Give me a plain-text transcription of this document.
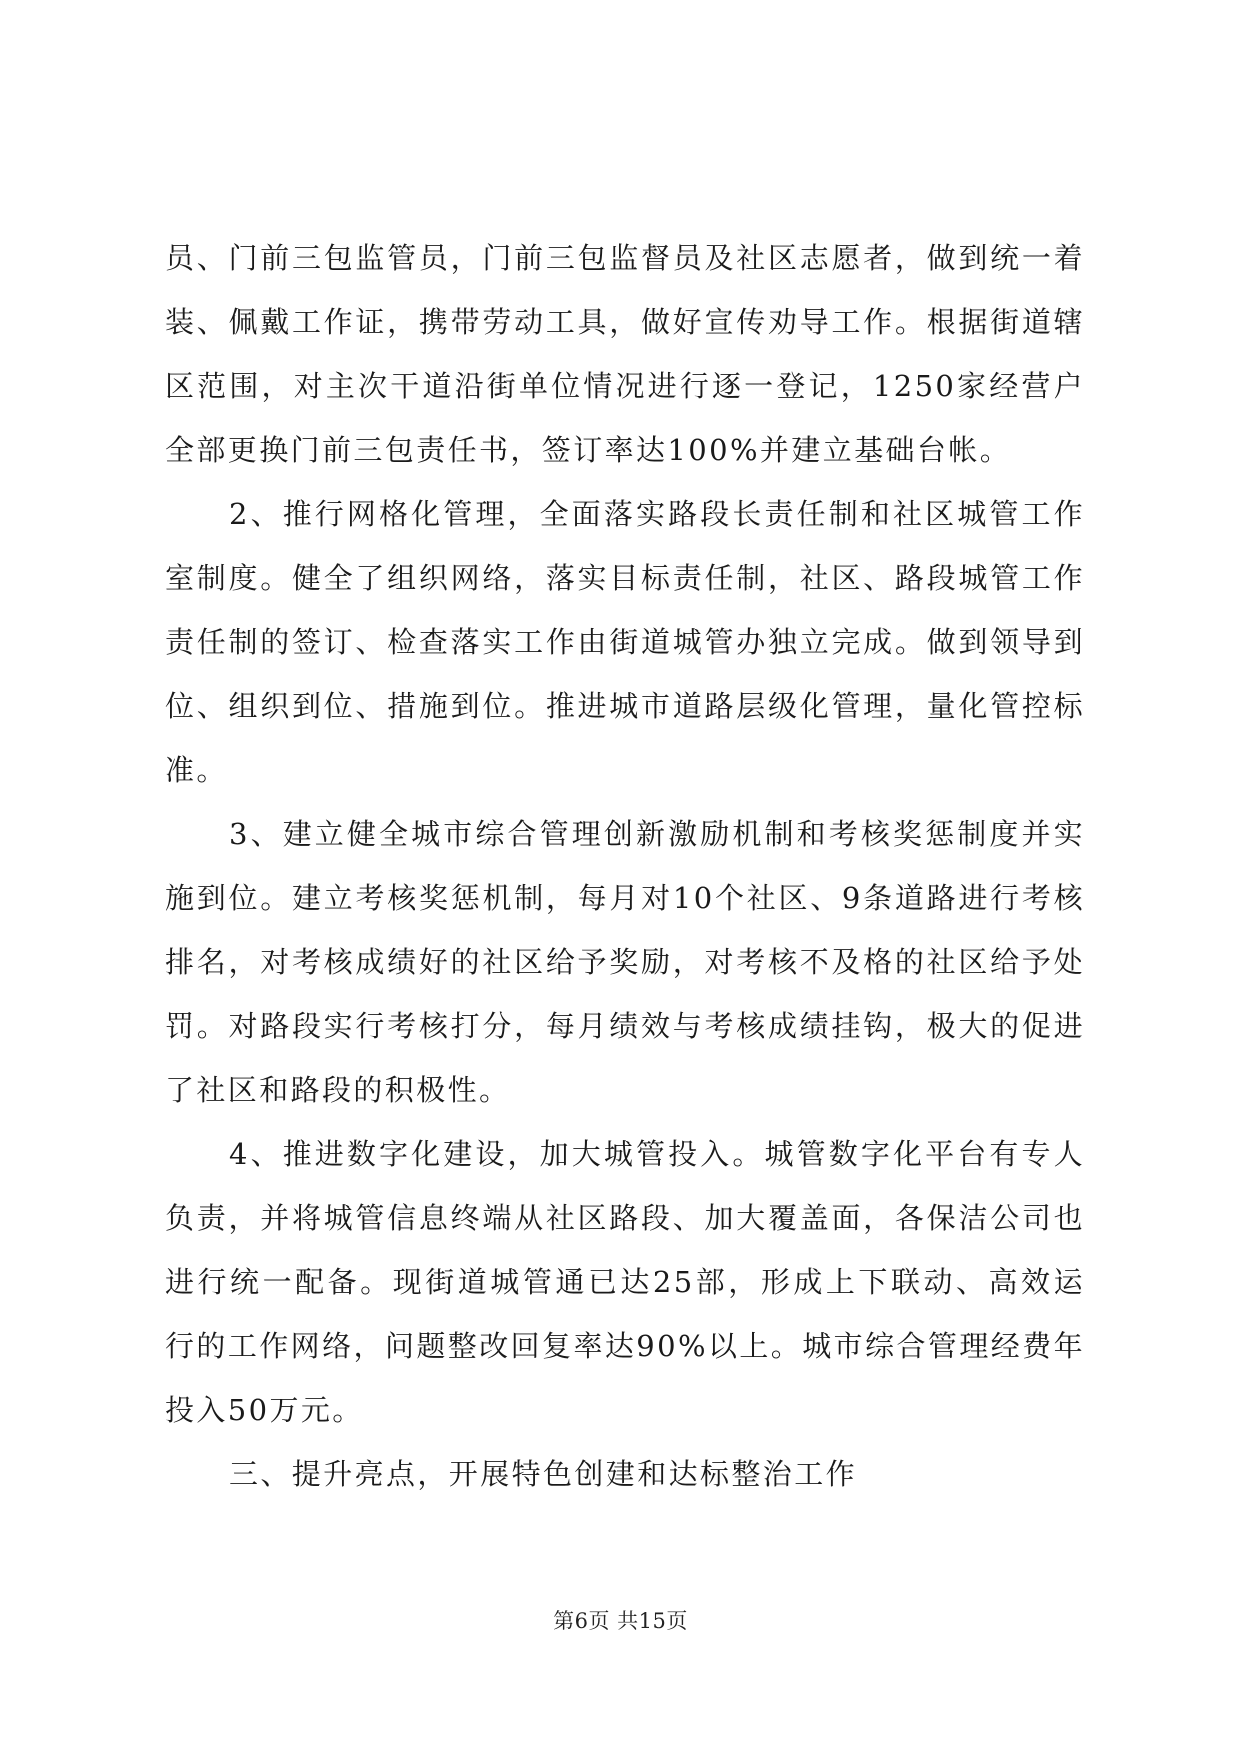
员、门前三包监管员，门前三包监督员及社区志愿者，做到统一着装、佩戴工作证，携带劳动工具，做好宣传劝导工作。根据街道辖区范围，对主次干道沿街单位情况进行逐一登记，1250家经营户全部更换门前三包责任书，签订率达100%并建立基础台帐。

2、推行网格化管理，全面落实路段长责任制和社区城管工作室制度。健全了组织网络，落实目标责任制，社区、路段城管工作责任制的签订、检查落实工作由街道城管办独立完成。做到领导到位、组织到位、措施到位。推进城市道路层级化管理，量化管控标准。

3、建立健全城市综合管理创新激励机制和考核奖惩制度并实施到位。建立考核奖惩机制，每月对10个社区、9条道路进行考核排名，对考核成绩好的社区给予奖励，对考核不及格的社区给予处罚。对路段实行考核打分，每月绩效与考核成绩挂钩，极大的促进了社区和路段的积极性。

4、推进数字化建设，加大城管投入。城管数字化平台有专人负责，并将城管信息终端从社区路段、加大覆盖面，各保洁公司也进行统一配备。现街道城管通已达25部，形成上下联动、高效运行的工作网络，问题整改回复率达90%以上。城市综合管理经费年投入50万元。

三、提升亮点，开展特色创建和达标整治工作

第6页 共15页
